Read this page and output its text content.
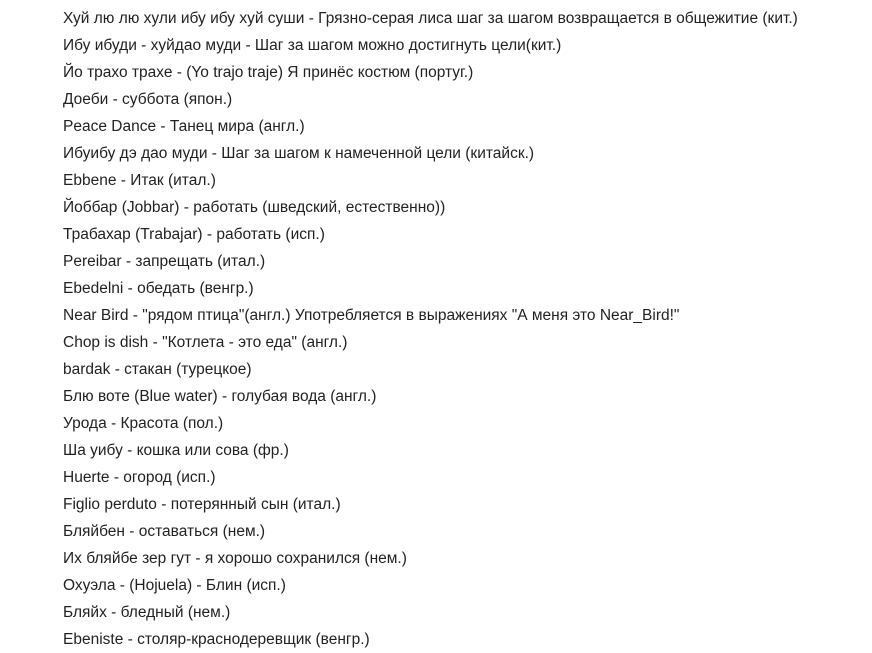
Хуй лю лю хули ибу ибу хуй суши - Грязно-серая лиса шаг за шагом возвращается в общежитие (кит.)
Ибу ибуди - хуйдао муди - Шаг за шагом можно достигнуть цели(кит.)
Йо трахо трахе - (Yo trajo traje) Я принёс костюм (португ.)
Доеби - суббота (япон.)
Peace Dance - Танец мира (англ.)
Ибуибу дэ дао муди - Шаг за шагом к намеченной цели (китайск.)
Ebbene - Итак (итал.)
Йоббар (Jobbar) - работать (шведский, естественно))
Трабахар (Trabajar) - работать (исп.)
Pereibar - запрещать (итал.)
Ebedelni - обедать (венгр.)
Near Bird - "рядом птица"(англ.) Употребляется в выражениях "А меня это Near_Bird!"
Chop is dish - "Котлета - это еда" (англ.)
bardak - стакан (турецкое)
Блю воте (Blue water) - голубая вода (англ.)
Урода - Красота (пол.)
Ша уибу - кошка или сова (фр.)
Huerte - огород (исп.)
Figlio perduto - потерянный сын (итал.)
Бляйбен - оставаться (нем.)
Их бляйбе зер гут - я хорошо сохранился (нем.)
Охуэла - (Hojuela) - Блин (исп.)
Бляйх - бледный (нем.)
Ebeniste - столяр-краснодеревщик (венгр.)
